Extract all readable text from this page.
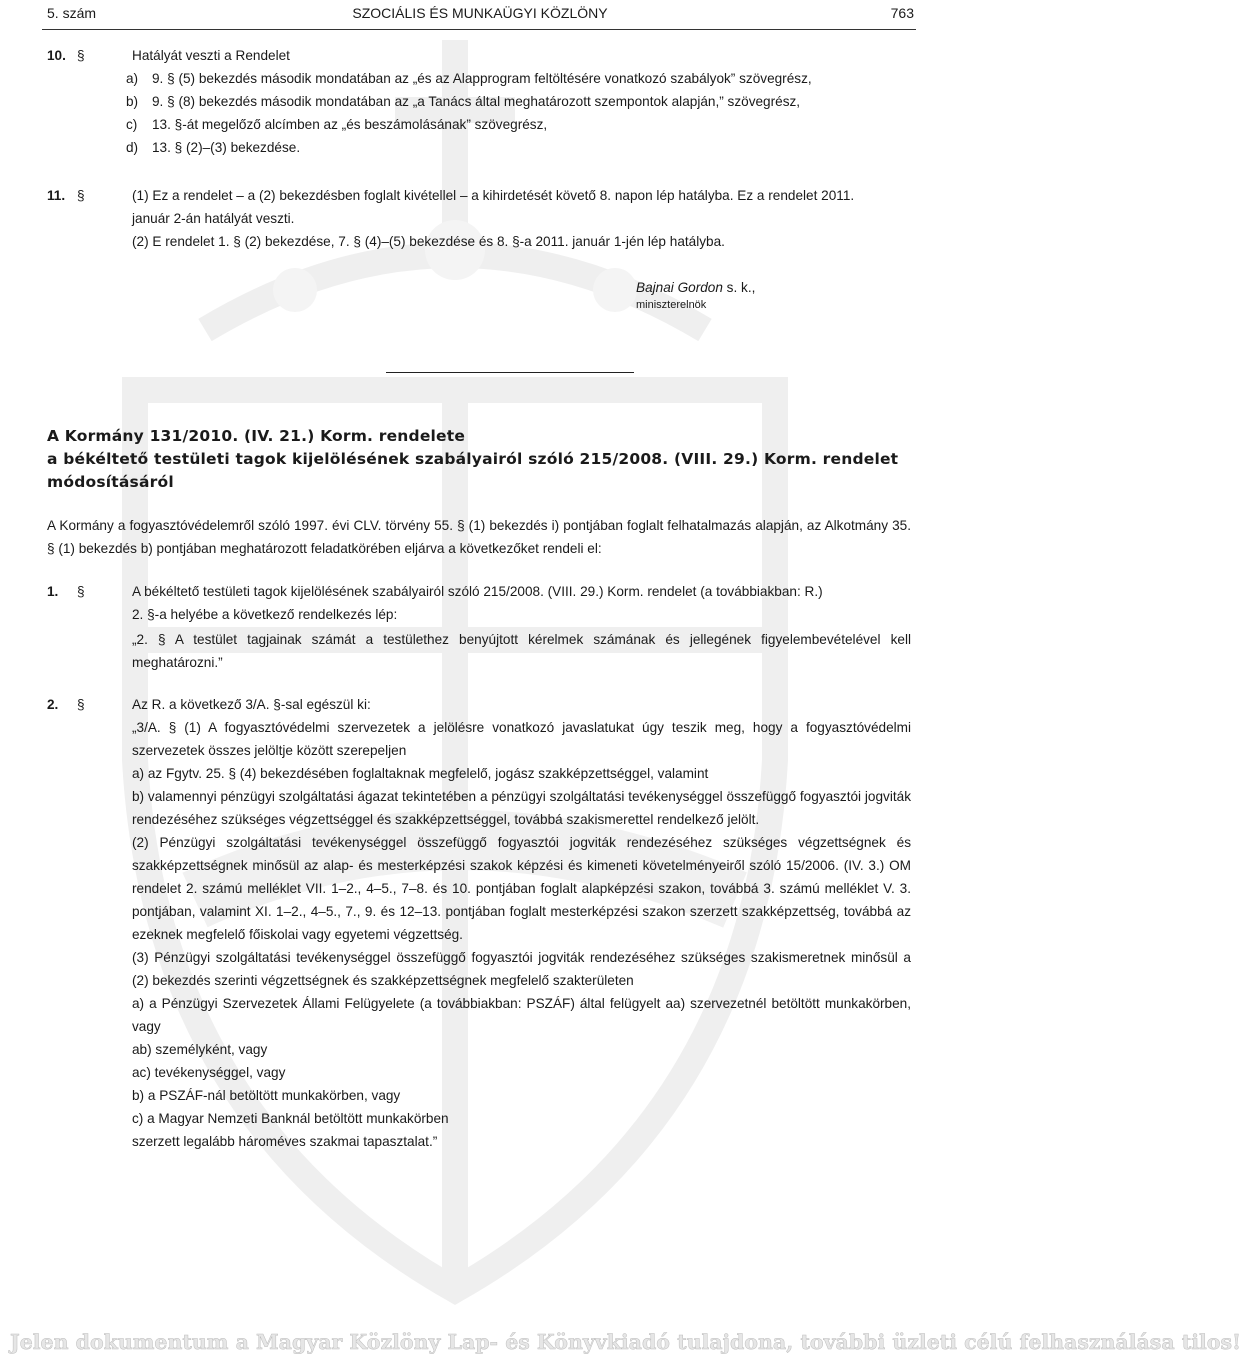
5. szám	SZOCIÁLIS ÉS MUNKAÜGYI KÖZLÖNY	763
10. §	Hatályát veszti a Rendelet
a) 9. § (5) bekezdés második mondatában az „és az Alapprogram feltöltésére vonatkozó szabályok” szövegrész,
b) 9. § (8) bekezdés második mondatában az „a Tanács által meghatározott szempontok alapján,” szövegrész,
c) 13. §-át megelőző alcímben az „és beszámolásának” szövegrész,
d) 13. § (2)–(3) bekezdése.
11. §	(1) Ez a rendelet – a (2) bekezdésben foglalt kivétellel – a kihirdetését követő 8. napon lép hatályba. Ez a rendelet 2011.
január 2-án hatályát veszti.
(2) E rendelet 1. § (2) bekezdése, 7. § (4)–(5) bekezdése és 8. §-a 2011. január 1-jén lép hatályba.
Bajnai Gordon s. k.,
miniszterelnök
A Kormány 131/2010. (IV. 21.) Korm. rendelete
a békéltető testületi tagok kijelölésének szabályairól szóló 215/2008. (VIII. 29.) Korm. rendelet
módosításáról
A Kormány a fogyasztóvédelemről szóló 1997. évi CLV. törvény 55. § (1) bekezdés i) pontjában foglalt felhatalmazás alapján, az Alkotmány 35. § (1) bekezdés b) pontjában meghatározott feladatkörében eljárva a következőket rendeli el:
1. §	A békéltető testületi tagok kijelölésének szabályairól szóló 215/2008. (VIII. 29.) Korm. rendelet (a továbbiakban: R.)
2. §-a helyébe a következő rendelkezés lép:
„2. § A testület tagjainak számát a testülethez benyújtott kérelmek számának és jellegének figyelembevételével kell meghatározni.”
2. §	Az R. a következő 3/A. §-sal egészül ki:
„3/A. § (1) A fogyasztóvédelmi szervezetek a jelölésre vonatkozó javaslatukat úgy teszik meg, hogy a fogyasztóvédelmi szervezetek összes jelöltje között szerepeljen
a) az Fgytv. 25. § (4) bekezdésében foglaltaknak megfelelő, jogász szakképzettséggel, valamint
b) valamennyi pénzügyi szolgáltatási ágazat tekintetében a pénzügyi szolgáltatási tevékenységgel összefüggő fogyasztói jogviták rendezéséhez szükséges végzettséggel és szakképzettséggel, továbbá szakismerettel rendelkező jelölt.
(2) Pénzügyi szolgáltatási tevékenységgel összefüggő fogyasztói jogviták rendezéséhez szükséges végzettségnek és szakképzettségnek minősül az alap- és mesterképzési szakok képzési és kimeneti követelményeiről szóló 15/2006. (IV. 3.) OM rendelet 2. számú melléklet VII. 1–2., 4–5., 7–8. és 10. pontjában foglalt alapképzési szakon, továbbá 3. számú melléklet V. 3. pontjában, valamint XI. 1–2., 4–5., 7., 9. és 12–13. pontjában foglalt mesterképzési szakon szerzett szakképzettség, továbbá az ezeknek megfelelő főiskolai vagy egyetemi végzettség.
(3) Pénzügyi szolgáltatási tevékenységgel összefüggő fogyasztói jogviták rendezéséhez szükséges szakismeretnek minősül a (2) bekezdés szerinti végzettségnek és szakképzettségnek megfelelő szakterületen
a) a Pénzügyi Szervezetek Állami Felügyelete (a továbbiakban: PSZÁF) által felügyelt aa) szervezetnél betöltött munkakörben, vagy
ab) személyként, vagy
ac) tevékenységgel, vagy
b) a PSZÁF-nál betöltött munkakörben, vagy
c) a Magyar Nemzeti Banknál betöltött munkakörben
szerzett legalább hároméves szakmai tapasztalat.”
Jelen dokumentum a Magyar Közlöny Lap- és Könyvkiadó tulajdona, további üzleti célú felhasználása tilos!
